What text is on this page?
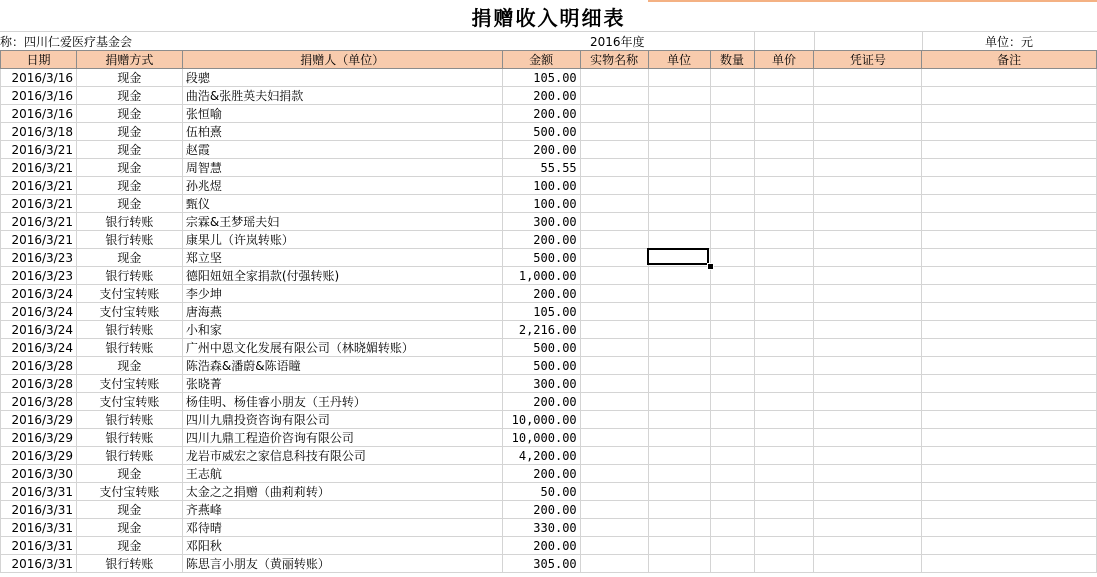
捐赠收入明细表
称：四川仁爱医疗基金会	2016年度	单位：元
日期	捐赠方式	捐赠人（单位）	金额	实物名称	单位	数量	单价	凭证号	备注
2016/3/16	现金	段骢	105.00						
2016/3/16	现金	曲浩&张胜英夫妇捐款	200.00						
2016/3/16	现金	张恒喻	200.00						
2016/3/18	现金	伍柏熹	500.00						
2016/3/21	现金	赵霞	200.00						
2016/3/21	现金	周智慧	55.55						
2016/3/21	现金	孙兆煜	100.00						
2016/3/21	现金	甄仪	100.00						
2016/3/21	银行转账	宗霖&王梦瑶夫妇	300.00						
2016/3/21	银行转账	康果儿（许岚转账）	200.00						
2016/3/23	现金	郑立坚	500.00						
2016/3/23	银行转账	德阳妞妞全家捐款(付强转账)	1,000.00						
2016/3/24	支付宝转账	李少坤	200.00						
2016/3/24	支付宝转账	唐海燕	105.00						
2016/3/24	银行转账	小和家	2,216.00						
2016/3/24	银行转账	广州中恩文化发展有限公司（林晓媚转账）	500.00						
2016/3/28	现金	陈浩森&潘蔚&陈语瞳	500.00						
2016/3/28	支付宝转账	张晓菁	300.00						
2016/3/28	支付宝转账	杨佳明、杨佳睿小朋友（王丹转）	200.00						
2016/3/29	银行转账	四川九鼎投资咨询有限公司	10,000.00						
2016/3/29	银行转账	四川九鼎工程造价咨询有限公司	10,000.00						
2016/3/29	银行转账	龙岩市威宏之家信息科技有限公司	4,200.00						
2016/3/30	现金	王志航	200.00						
2016/3/31	支付宝转账	太金之之捐赠（曲莉莉转）	50.00						
2016/3/31	现金	齐燕峰	200.00						
2016/3/31	现金	邓待晴	330.00						
2016/3/31	现金	邓阳秋	200.00						
2016/3/31	银行转账	陈思言小朋友（黄丽转账）	305.00						
